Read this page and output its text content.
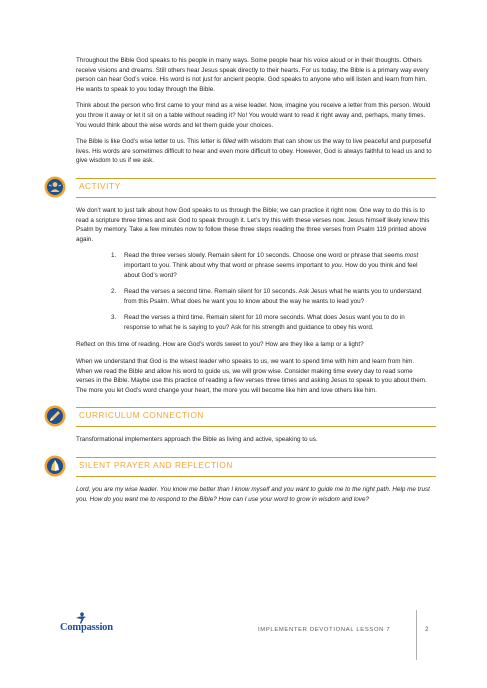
Throughout the Bible God speaks to his people in many ways. Some people hear his voice aloud or in their thoughts. Others receive visions and dreams. Still others hear Jesus speak directly to their hearts. For us today, the Bible is a primary way every person can hear God’s voice. His word is not just for ancient people. God speaks to anyone who will listen and learn from him. He wants to speak to you today through the Bible.

Think about the person who first came to your mind as a wise leader. Now, imagine you receive a letter from this person. Would you throw it away or let it sit on a table without reading it? No! You would want to read it right away and, perhaps, many times. You would think about the wise words and let them guide your choices.

The Bible is like God’s wise letter to us. This letter is filled with wisdom that can show us the way to live peaceful and purposeful lives. His words are sometimes difficult to hear and even more difficult to obey. However, God is always faithful to lead us and to give wisdom to us if we ask.

ACTIVITY

We don’t want to just talk about how God speaks to us through the Bible; we can practice it right now. One way to do this is to read a scripture three times and ask God to speak through it. Let’s try this with these verses now. Jesus himself likely knew this Psalm by memory. Take a few minutes now to follow these three steps reading the three verses from Psalm 119 printed above again.

1. Read the three verses slowly. Remain silent for 10 seconds. Choose one word or phrase that seems most important to you. Think about why that word or phrase seems important to you. How do you think and feel about God’s word?
2. Read the verses a second time. Remain silent for 10 seconds. Ask Jesus what he wants you to understand from this Psalm. What does he want you to know about the way he wants to lead you?
3. Read the verses a third time. Remain silent for 10 more seconds. What does Jesus want you to do in response to what he is saying to you? Ask for his strength and guidance to obey his word.

Reflect on this time of reading. How are God’s words sweet to you? How are they like a lamp or a light?

When we understand that God is the wisest leader who speaks to us, we want to spend time with him and learn from him. When we read the Bible and allow his word to guide us, we will grow wise. Consider making time every day to read some verses in the Bible. Maybe use this practice of reading a few verses three times and asking Jesus to speak to you about them. The more you let God’s word change your heart, the more you will become like him and love others like him.

CURRICULUM CONNECTION

Transformational implementers approach the Bible as living and active, speaking to us.

SILENT PRAYER AND REFLECTION

Lord, you are my wise leader. You know me better than I know myself and you want to guide me to the right path. Help me trust you. How do you want me to respond to the Bible? How can I use your word to grow in wisdom and love?

Compassion	IMPLEMENTER DEVOTIONAL LESSON 7	2
